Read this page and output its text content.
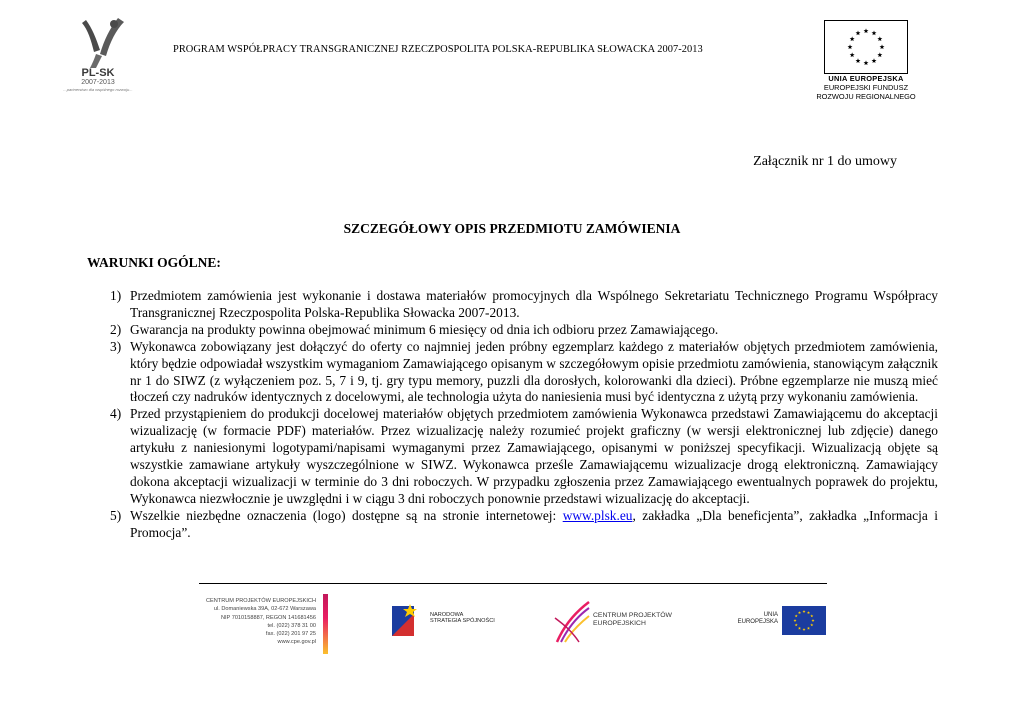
PL-SK
2007-2013
...partnerstwo dla wspólnego rozwoju...
PROGRAM WSPÓŁPRACY TRANSGRANICZNEJ RZECZPOSPOLITA POLSKA-REPUBLIKA SŁOWACKA 2007-2013
UNIA EUROPEJSKA
EUROPEJSKI FUNDUSZ
ROZWOJU REGIONALNEGO
Załącznik nr 1 do umowy
SZCZEGÓŁOWY OPIS PRZEDMIOTU ZAMÓWIENIA
WARUNKI OGÓLNE:
1) Przedmiotem zamówienia jest wykonanie i dostawa materiałów promocyjnych dla Wspólnego Sekretariatu Technicznego Programu Współpracy Transgranicznej Rzeczpospolita Polska-Republika Słowacka 2007-2013.
2) Gwarancja na produkty powinna obejmować minimum 6 miesięcy od dnia ich odbioru przez Zamawiającego.
3) Wykonawca zobowiązany jest dołączyć do oferty co najmniej jeden próbny egzemplarz każdego z materiałów objętych przedmiotem zamówienia, który będzie odpowiadał wszystkim wymaganiom Zamawiającego opisanym w szczegółowym opisie przedmiotu zamówienia, stanowiącym załącznik nr 1 do SIWZ (z wyłączeniem poz. 5, 7 i 9, tj. gry typu memory, puzzli dla dorosłych, kolorowanki dla dzieci). Próbne egzemplarze nie muszą mieć tłoczeń czy nadruków identycznych z docelowymi, ale technologia użyta do naniesienia musi być identyczna z użytą przy wykonaniu zamówienia.
4) Przed przystąpieniem do produkcji docelowej materiałów objętych przedmiotem zamówienia Wykonawca przedstawi Zamawiającemu do akceptacji wizualizację (w formacie PDF) materiałów. Przez wizualizację należy rozumieć projekt graficzny (w wersji elektronicznej lub zdjęcie) danego artykułu z naniesionymi logotypami/napisami wymaganymi przez Zamawiającego, opisanymi w poniższej specyfikacji. Wizualizacją objęte są wszystkie zamawiane artykuły wyszczególnione w SIWZ. Wykonawca prześle Zamawiającemu wizualizacje drogą elektroniczną. Zamawiający dokona akceptacji wizualizacji w terminie do 3 dni roboczych. W przypadku zgłoszenia przez Zamawiającego ewentualnych poprawek do projektu, Wykonawca niezwłocznie je uwzględni i w ciągu 3 dni roboczych ponownie przedstawi wizualizację do akceptacji.
5) Wszelkie niezbędne oznaczenia (logo) dostępne są na stronie internetowej: www.plsk.eu, zakładka „Dla beneficjenta”, zakładka „Informacja i Promocja”.
CENTRUM PROJEKTÓW EUROPEJSKICH
ul. Domaniewska 39A, 02-672 Warszawa
NIP 7010158887, REGON 141681456
tel. (022) 378 31 00
fax. (022) 201 97 25
www.cpe.gov.pl
NARODOWA
STRATEGIA SPÓJNOŚCI
CENTRUM PROJEKTÓW
EUROPEJSKICH
UNIA
EUROPEJSKA
